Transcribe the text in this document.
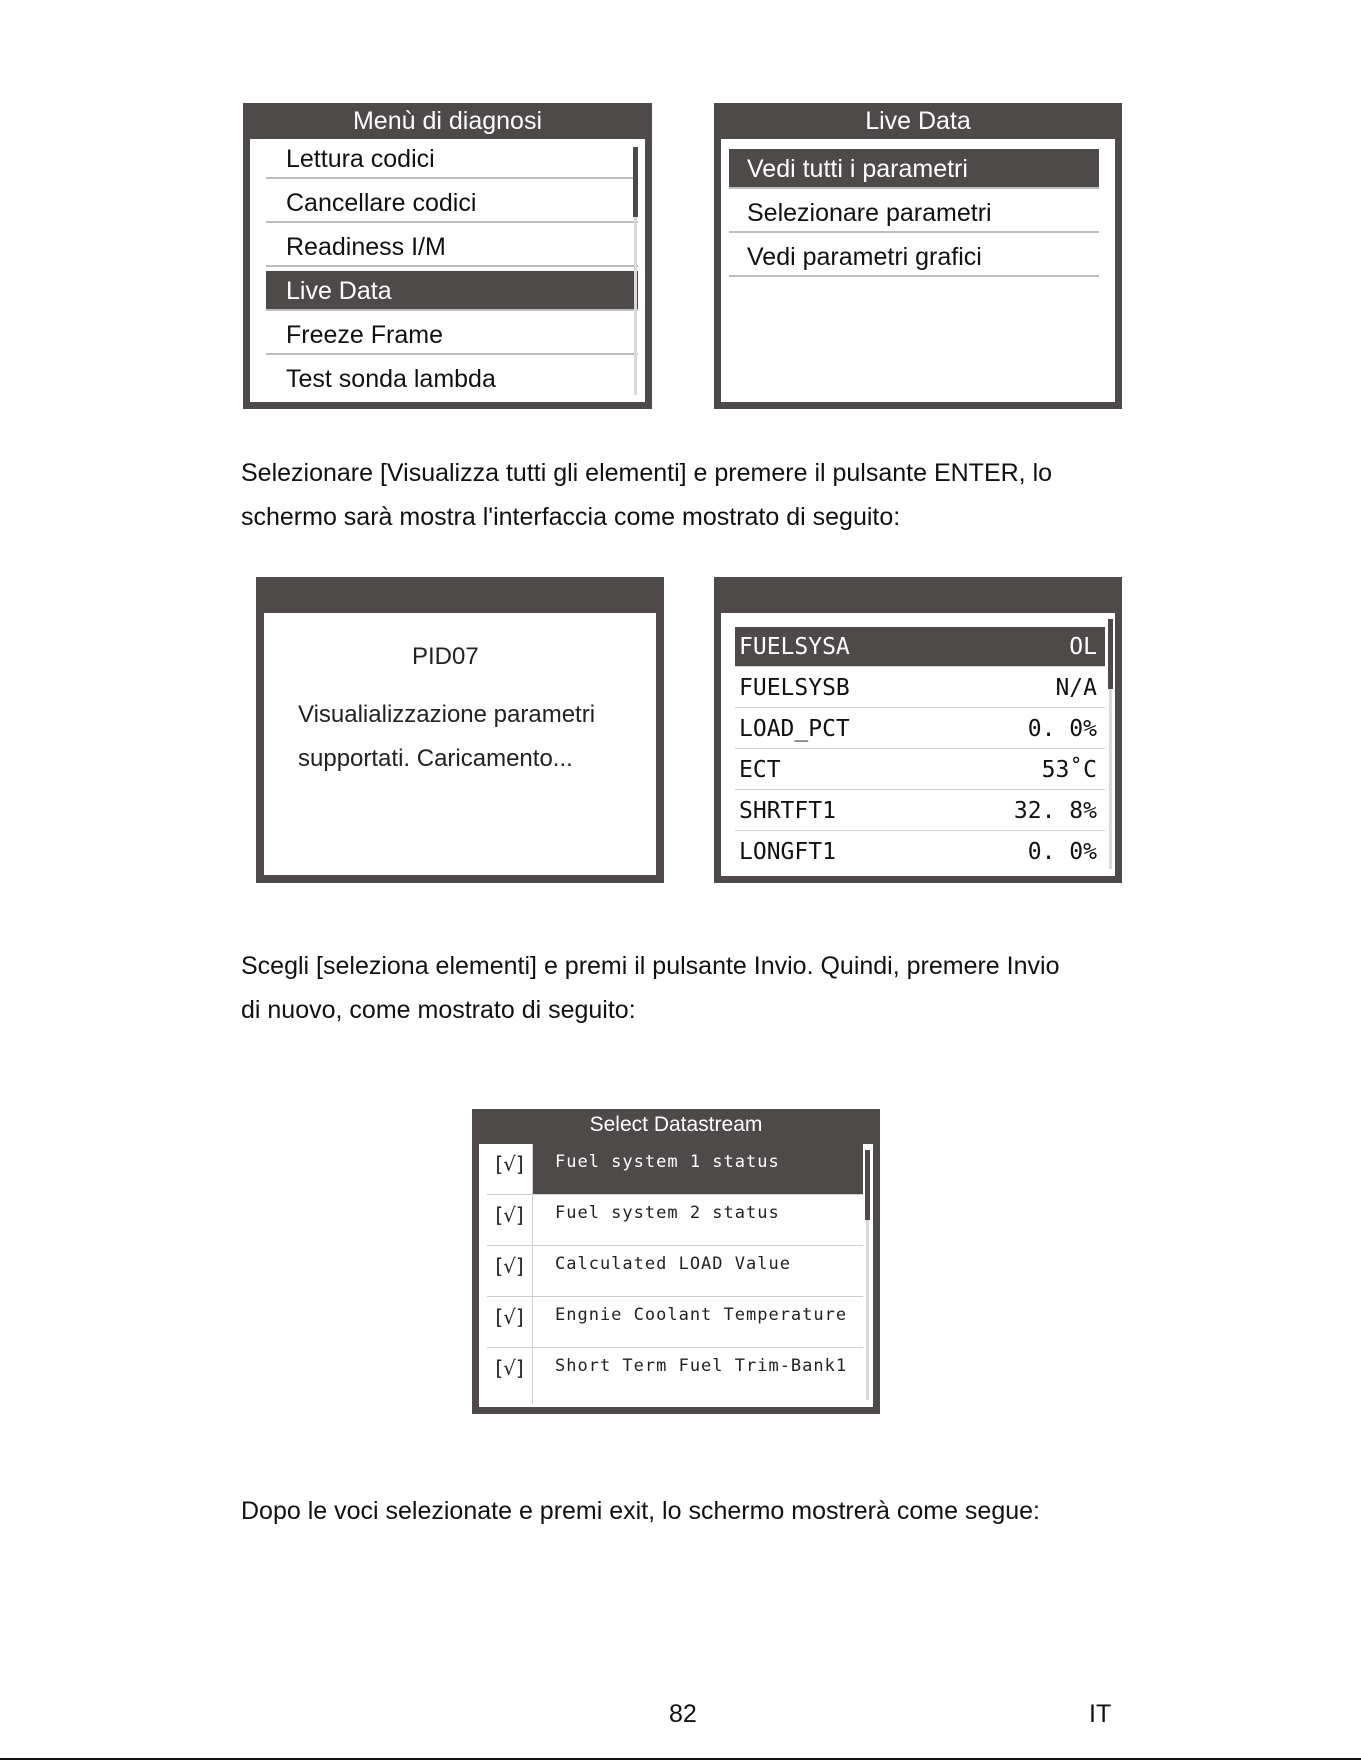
Menù di diagnosi
Lettura codici
Cancellare codici
Readiness I/M
Live Data
Freeze Frame
Test sonda lambda
Live Data
Vedi tutti i parametri
Selezionare parametri
Vedi parametri grafici
Selezionare [Visualizza tutti gli elementi] e premere il pulsante ENTER, lo
schermo sarà mostra l'interfaccia come mostrato di seguito:
PID07
Visualializzazione parametri
supportati. Caricamento...
FUELSYSA	OL
FUELSYSB	N/A
LOAD_PCT	0. 0%
ECT	53˚C
SHRTFT1	32. 8%
LONGFT1	0. 0%
Scegli [seleziona elementi] e premi il pulsante Invio. Quindi, premere Invio
di nuovo, come mostrato di seguito:
Select Datastream
[√]	Fuel system 1 status
[√]	Fuel system 2 status
[√]	Calculated LOAD Value
[√]	Engnie Coolant Temperature
[√]	Short Term Fuel Trim-Bank1
Dopo le voci selezionate e premi exit, lo schermo mostrerà come segue:
82	IT
